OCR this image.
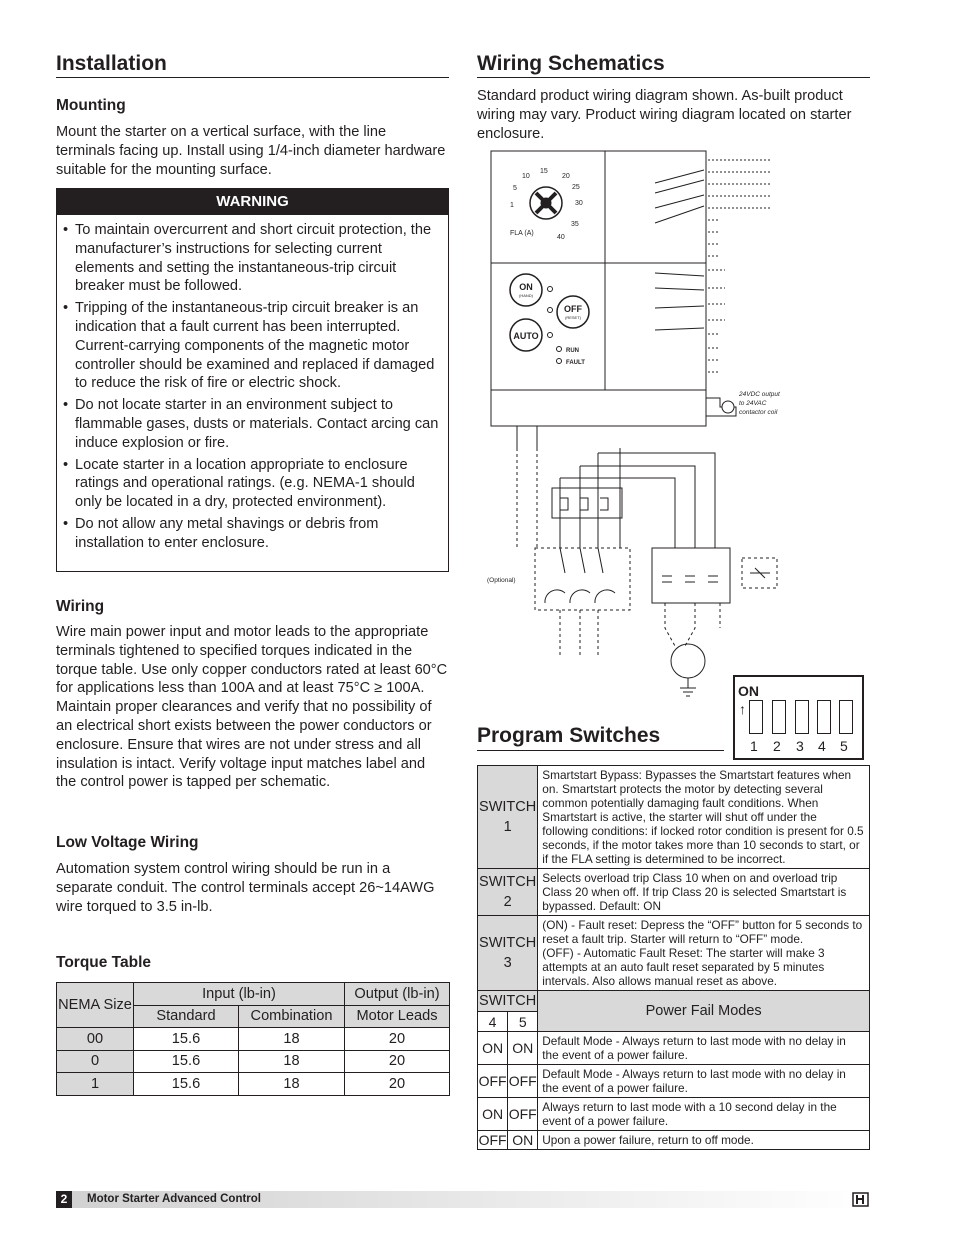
Installation
Mounting

Mount the starter on a vertical surface, with the line terminals facing up. Install using 1/4-inch diameter hardware suitable for the mounting surface.

WARNING
• To maintain overcurrent and short circuit protection, the manufacturer’s instructions for selecting current elements and setting the instantaneous-trip circuit breaker must be followed.
• Tripping of the instantaneous-trip circuit breaker is an indication that a fault current has been interrupted. Current-carrying components of the magnetic motor controller should be examined and replaced if damaged to reduce the risk of fire or electric shock.
• Do not locate starter in an environment subject to flammable gases, dusts or materials. Contact arcing can induce explosion or fire.
• Locate starter in a location appropriate to enclosure ratings and operational ratings. (e.g. NEMA-1 should only be located in a dry, protected environment).
• Do not allow any metal shavings or debris from installation to enter enclosure.
Wiring

Wire main power input and motor leads to the appropriate terminals tightened to specified torques indicated in the torque table. Use only copper conductors rated at least 60°C for applications less than 100A and at least 75°C ≥ 100A. Maintain proper clearances and verify that no possibility of an electrical short exists between the power conductors or enclosure. Ensure that wires are not under stress and all insulation is intact. Verify voltage input matches label and the control power is tapped per schematic.

Low Voltage Wiring

Automation system control wiring should be run in a separate conduit. The control terminals accept 26~14AWG wire torqued to 3.5 in-lb.

Torque Table
NEMA Size	Input (lb-in)		Output (lb-in)
	Standard	Combination	Motor Leads
00	15.6	18	20
0	15.6	18	20
1	15.6	18	20
Wiring Schematics

Standard product wiring diagram shown. As-built product wiring may vary. Product wiring diagram located on starter enclosure.

10
15
20
5	25
1	30
35
40
FLA (A)
ON
(HAND)
OFF
(RESET)
AUTO
RUN
FAULT
24VDC output
to 24VAC
contactor coil
(Optional)
Program Switches
ON
↑
1 2 3 4 5
SWITCH
1		Smartstart Bypass: Bypasses the Smartstart features when on. Smartstart protects the motor by detecting several common potentially damaging fault conditions. When Smartstart is active, the starter will shut off under the following conditions: if locked rotor condition is present for 0.5 seconds, if the motor takes more than 10 seconds to start, or if the FLA setting is determined to be incorrect.
SWITCH
2		Selects overload trip Class 10 when on and overload trip Class 20 when off. If trip Class 20 is selected Smartstart is bypassed. Default: ON
SWITCH
3		(ON) - Fault reset: Depress the “OFF” button for 5 seconds to reset a fault trip. Starter will return to “OFF” mode.
(OFF) - Automatic Fault Reset: The starter will make 3 attempts at an auto fault reset separated by 5 minutes intervals. Also allows manual reset as above.
SWITCH		Power Fail Modes
4	5	
ON	ON	Default Mode - Always return to last mode with no delay in the event of a power failure.
OFF	OFF	Default Mode - Always return to last mode with no delay in the event of a power failure.
ON	OFF	Always return to last mode with a 10 second delay in the event of a power failure.
OFF	ON	Upon a power failure, return to off mode.
2	Motor Starter Advanced Control
